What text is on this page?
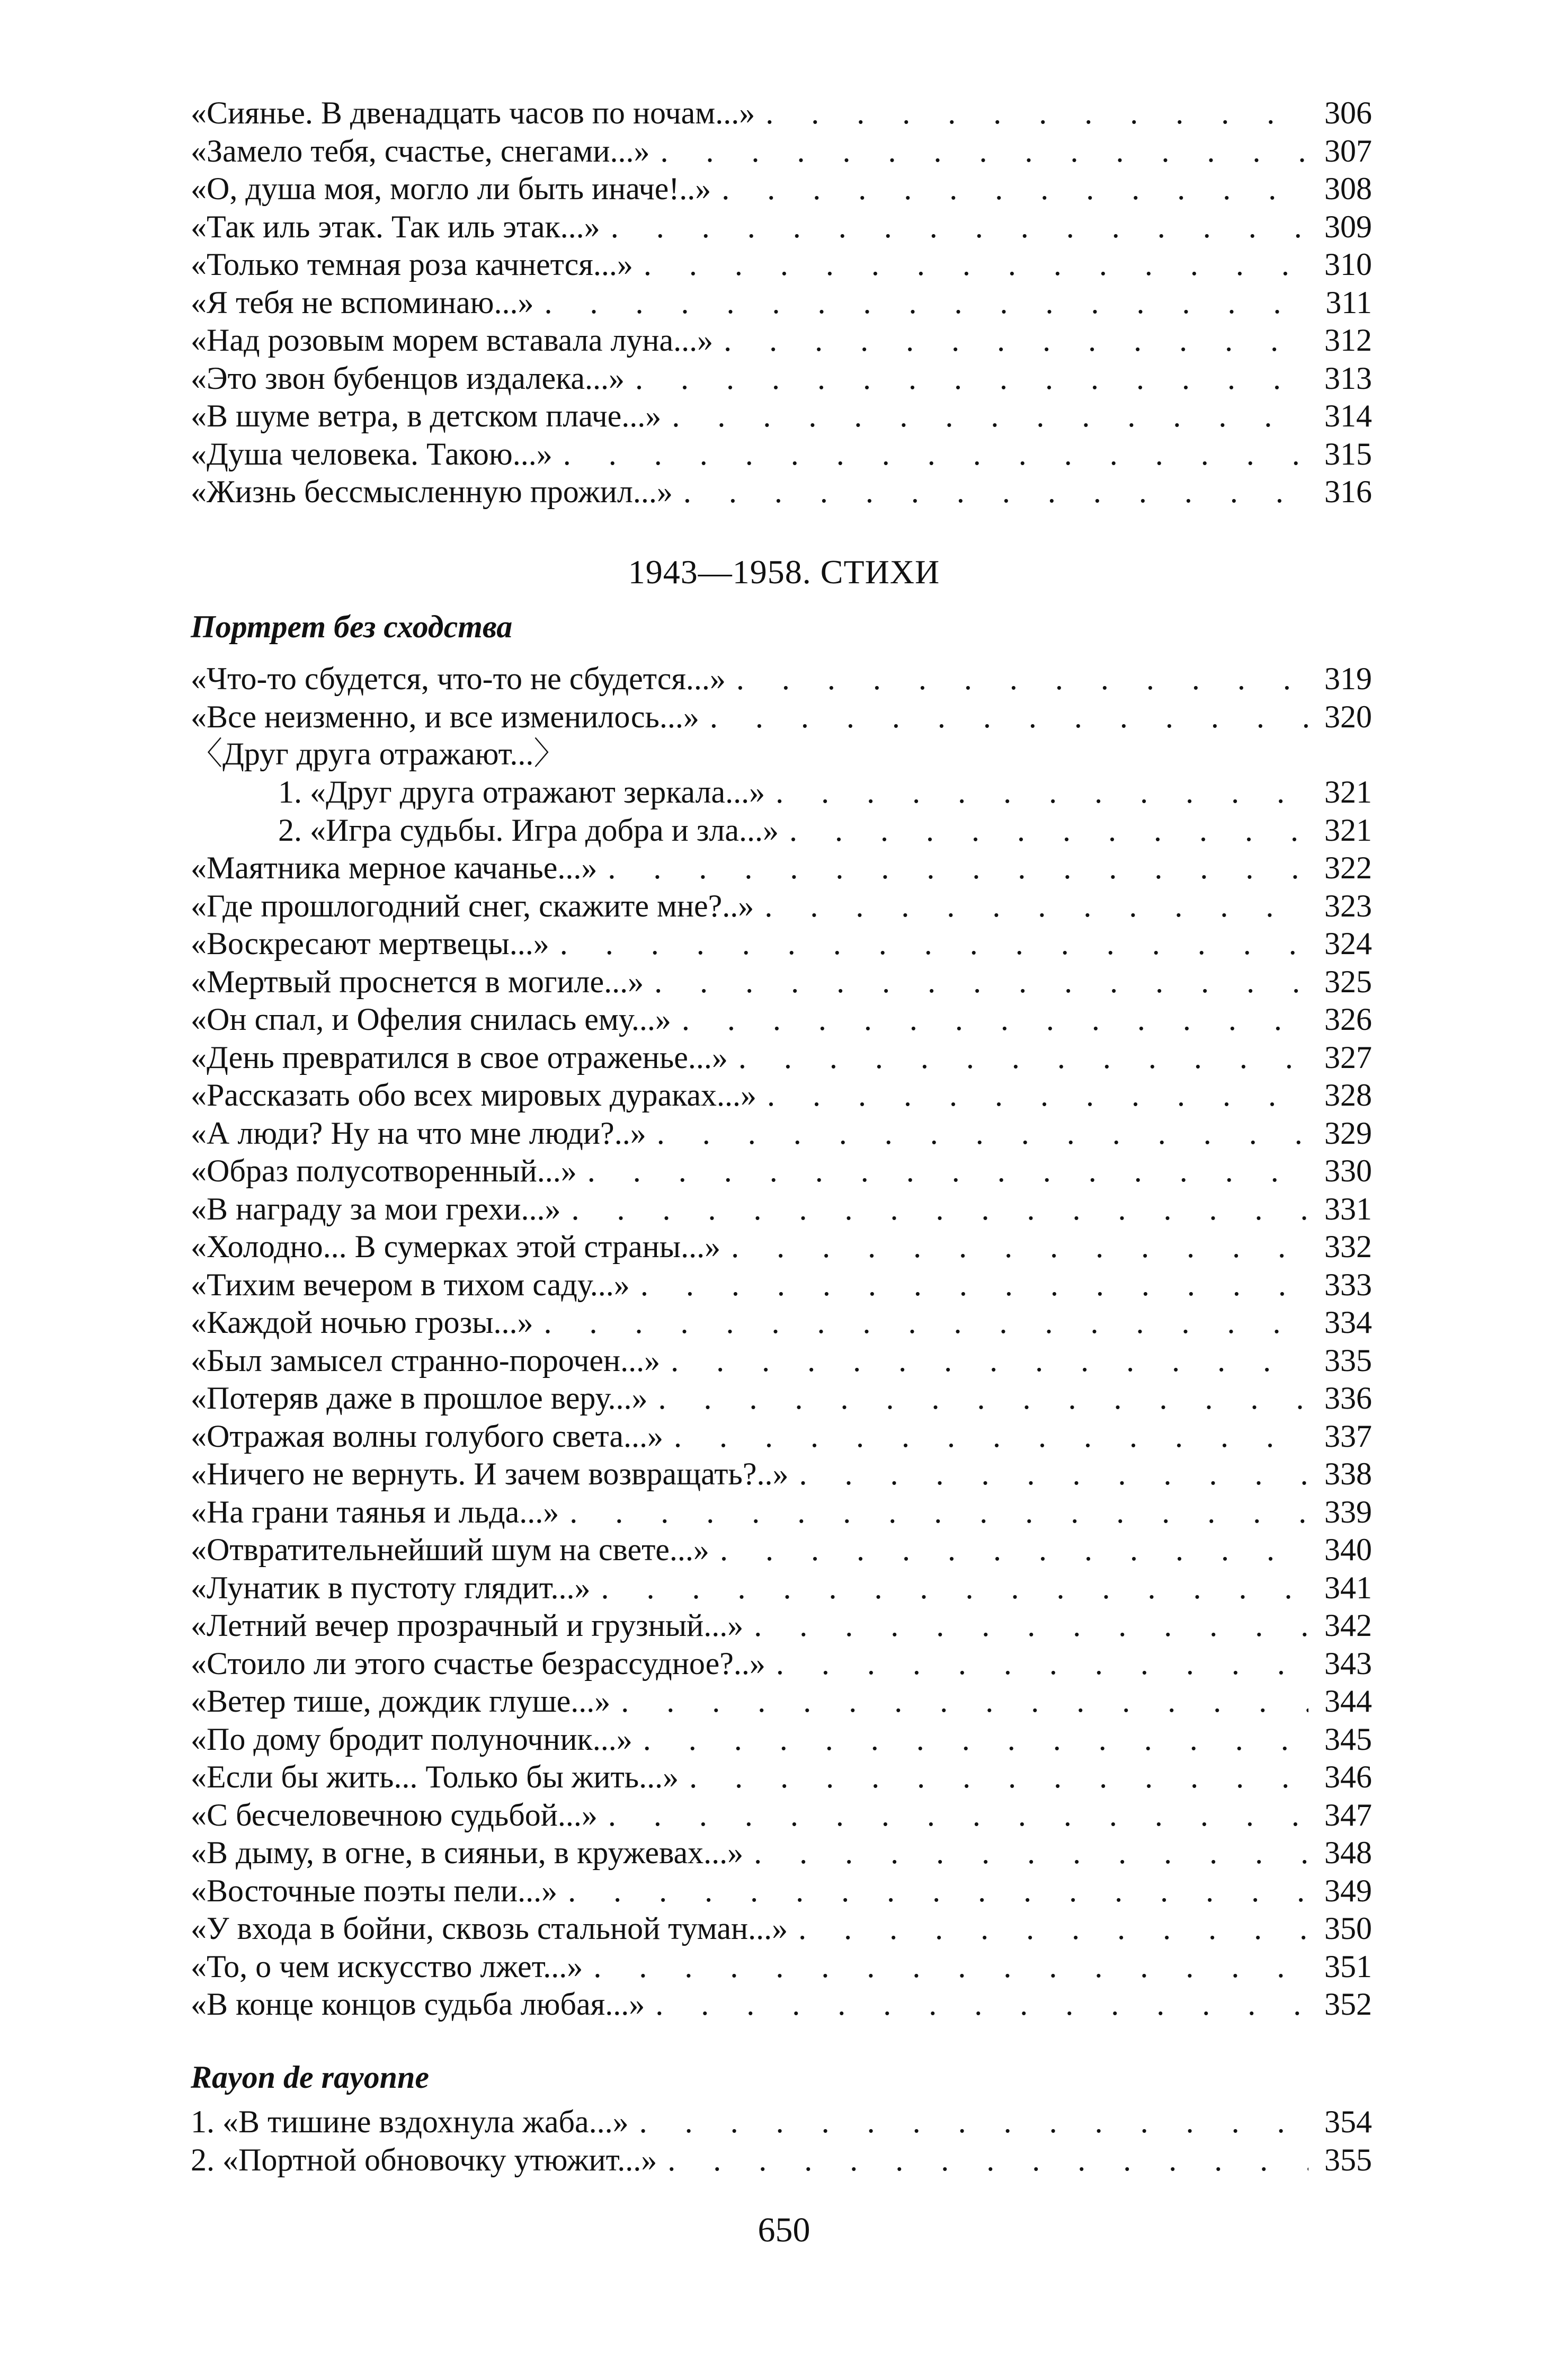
«Сиянье. В двенадцать часов по ночам...» . . .	306
«Замело тебя, счастье, снегами...» . . .	307
«О, душа моя, могло ли быть иначе!..» . . .	308
«Так иль этак. Так иль этак...» . . .	309
«Только темная роза качнется...» . . .	310
«Я тебя не вспоминаю...» . . .	311
«Над розовым морем вставала луна...» . . .	312
«Это звон бубенцов издалека...» . . .	313
«В шуме ветра, в детском плаче...» . . .	314
«Душа человека. Такою...» . . .	315
«Жизнь бессмысленную прожил...» . . .	316
«Что-то сбудется, что-то не сбудется...» . . .	319
«Все неизменно, и все изменилось...» . . .	320
1. «Друг друга отражают зеркала...» . . .	321
2. «Игра судьбы. Игра добра и зла...» . . .	321
«Маятника мерное качанье...» . . .	322
«Где прошлогодний снег, скажите мне?..» . . .	323
«Воскресают мертвецы...» . . .	324
«Мертвый проснется в могиле...» . . .	325
«Он спал, и Офелия снилась ему...» . . .	326
«День превратился в свое отраженье...» . . .	327
«Рассказать обо всех мировых дураках...» . . .	328
«А люди? Ну на что мне люди?..» . . .	329
«Образ полусотворенный...» . . .	330
«В награду за мои грехи...» . . .	331
«Холодно... В сумерках этой страны...» . . .	332
«Тихим вечером в тихом саду...» . . .	333
«Каждой ночью грозы...» . . .	334
«Был замысел странно-порочен...» . . .	335
«Потеряв даже в прошлое веру...» . . .	336
«Отражая волны голубого света...» . . .	337
«Ничего не вернуть. И зачем возвращать?..» . . .	338
«На грани таянья и льда...» . . .	339
«Отвратительнейший шум на свете...» . . .	340
«Лунатик в пустоту глядит...» . . .	341
«Летний вечер прозрачный и грузный...» . . .	342
«Стоило ли этого счастье безрассудное?..» . . .	343
«Ветер тише, дождик глуше...» . . .	344
«По дому бродит полуночник...» . . .	345
«Если бы жить... Только бы жить...» . . .	346
«С бесчеловечною судьбой...» . . .	347
«В дыму, в огне, в сияньи, в кружевах...» . . .	348
«Восточные поэты пели...» . . .	349
«У входа в бойни, сквозь стальной туман...» . . .	350
«То, о чем искусство лжет...» . . .	351
«В конце концов судьба любая...» . . .	352
1. «В тишине вздохнула жаба...» . . .	354
2. «Портной обновочку утюжит...» . . .	355
1943—1958. СТИХИ
Портрет без сходства
〈Друг друга отражают...〉
Rayon de rayonne
650
